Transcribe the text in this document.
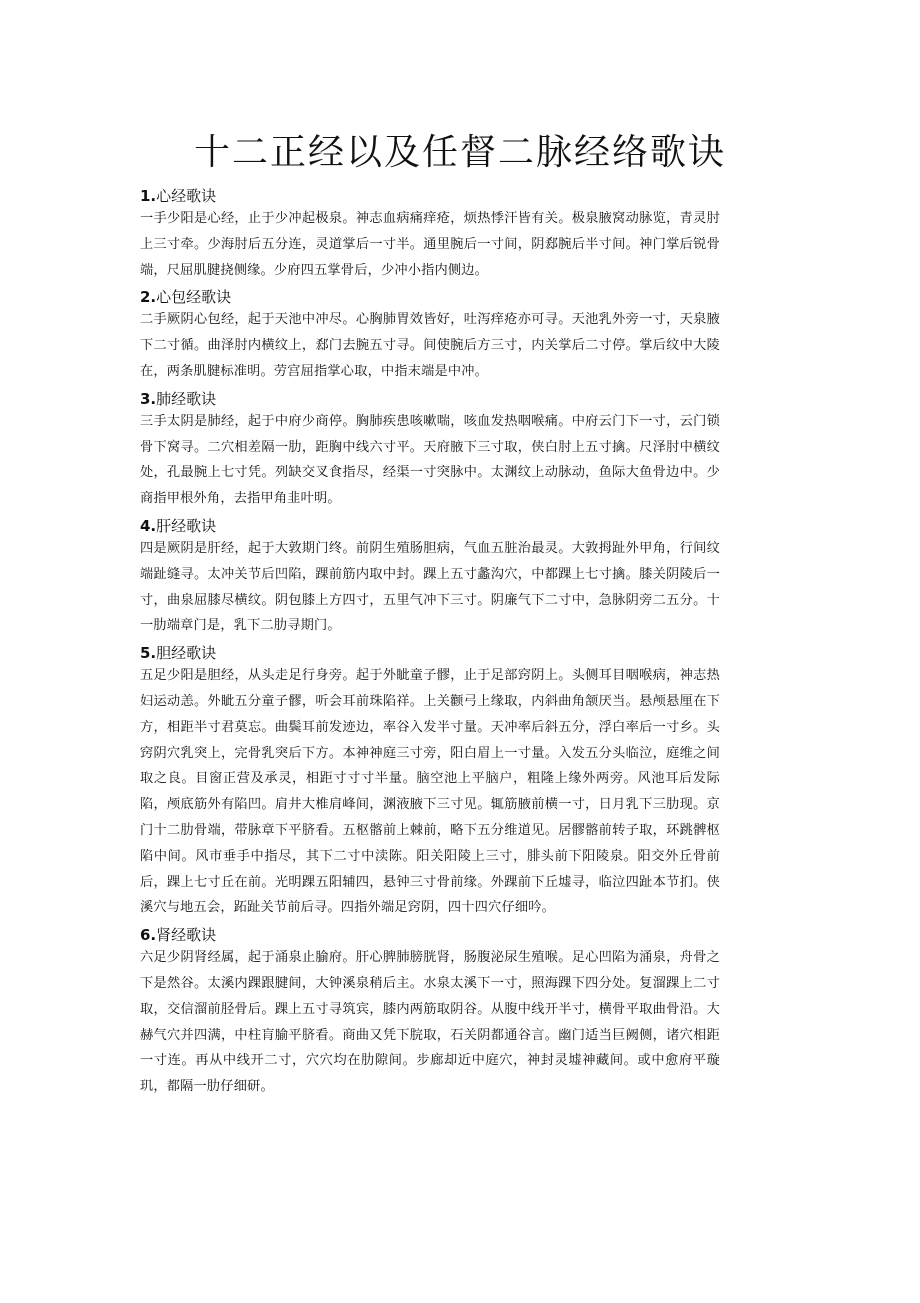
十二正经以及任督二脉经络歌诀
1.心经歌诀
一手少阳是心经，止于少冲起极泉。神志血病痛痒疮，烦热悸汗皆有关。极泉腋窝动脉览，青灵肘上三寸牵。少海肘后五分连，灵道掌后一寸半。通里腕后一寸间，阴郄腕后半寸间。神门掌后锐骨端，尺屈肌腱挠侧缘。少府四五掌骨后，少冲小指内侧边。
2.心包经歌诀
二手厥阴心包经，起于天池中冲尽。心胸肺胃效皆好，吐泻痒疮亦可寻。天池乳外旁一寸，天泉腋下二寸循。曲泽肘内横纹上，郄门去腕五寸寻。间使腕后方三寸，内关掌后二寸停。掌后纹中大陵在，两条肌腱标准明。劳宫屈指掌心取，中指末端是中冲。
3.肺经歌诀
三手太阴是肺经，起于中府少商停。胸肺疾患咳嗽喘，咳血发热咽喉痛。中府云门下一寸，云门锁骨下窝寻。二穴相差隔一肋，距胸中线六寸平。天府腋下三寸取，侠白肘上五寸擒。尺泽肘中横纹处，孔最腕上七寸凭。列缺交叉食指尽，经渠一寸突脉中。太渊纹上动脉动，鱼际大鱼骨边中。少商指甲根外角，去指甲角韭叶明。
4.肝经歌诀
四是厥阴是肝经，起于大敦期门终。前阴生殖肠胆病，气血五脏治最灵。大敦拇趾外甲角，行间纹端趾缝寻。太冲关节后凹陷，踝前筋内取中封。踝上五寸蠡沟穴，中都踝上七寸擒。膝关阴陵后一寸，曲泉屈膝尽横纹。阴包膝上方四寸，五里气冲下三寸。阴廉气下二寸中，急脉阴旁二五分。十一肋端章门是，乳下二肋寻期门。
5.胆经歌诀
五足少阳是胆经，从头走足行身旁。起于外眦童子髎，止于足部窍阴上。头侧耳目咽喉病，神志热妇运动恙。外眦五分童子髎，听会耳前珠陷祥。上关颧弓上缘取，内斜曲角颔厌当。悬颅悬厘在下方，相距半寸君莫忘。曲鬓耳前发迹边，率谷入发半寸量。天冲率后斜五分，浮白率后一寸乡。头窍阴穴乳突上，完骨乳突后下方。本神神庭三寸旁，阳白眉上一寸量。入发五分头临泣，庭维之间取之良。目窗正营及承灵，相距寸寸寸半量。脑空池上平脑户，粗隆上缘外两旁。风池耳后发际陷，颅底筋外有陷凹。肩井大椎肩峰间，渊液腋下三寸见。辄筋腋前横一寸，日月乳下三肋现。京门十二肋骨端，带脉章下平脐看。五枢髂前上棘前，略下五分维道见。居髎髂前转子取，环跳髀枢陷中间。风市垂手中指尽，其下二寸中渎陈。阳关阳陵上三寸，腓头前下阳陵泉。阳交外丘骨前后，踝上七寸丘在前。光明踝五阳辅四，悬钟三寸骨前缘。外踝前下丘墟寻，临泣四趾本节扪。侠溪穴与地五会，跖趾关节前后寻。四指外端足窍阴，四十四穴仔细吟。
6.肾经歌诀
六足少阴肾经属，起于涌泉止腧府。肝心脾肺膀胱肾，肠腹泌尿生殖喉。足心凹陷为涌泉，舟骨之下是然谷。太溪内踝跟腱间，大钟溪泉稍后主。水泉太溪下一寸，照海踝下四分处。复溜踝上二寸取，交信溜前胫骨后。踝上五寸寻筑宾，膝内两筋取阴谷。从腹中线开半寸，横骨平取曲骨沿。大赫气穴并四满，中柱肓腧平脐看。商曲又凭下脘取，石关阴都通谷言。幽门适当巨阙侧，诸穴相距一寸连。再从中线开二寸，穴穴均在肋隙间。步廊却近中庭穴，神封灵墟神藏间。或中愈府平璇玑，都隔一肋仔细研。
